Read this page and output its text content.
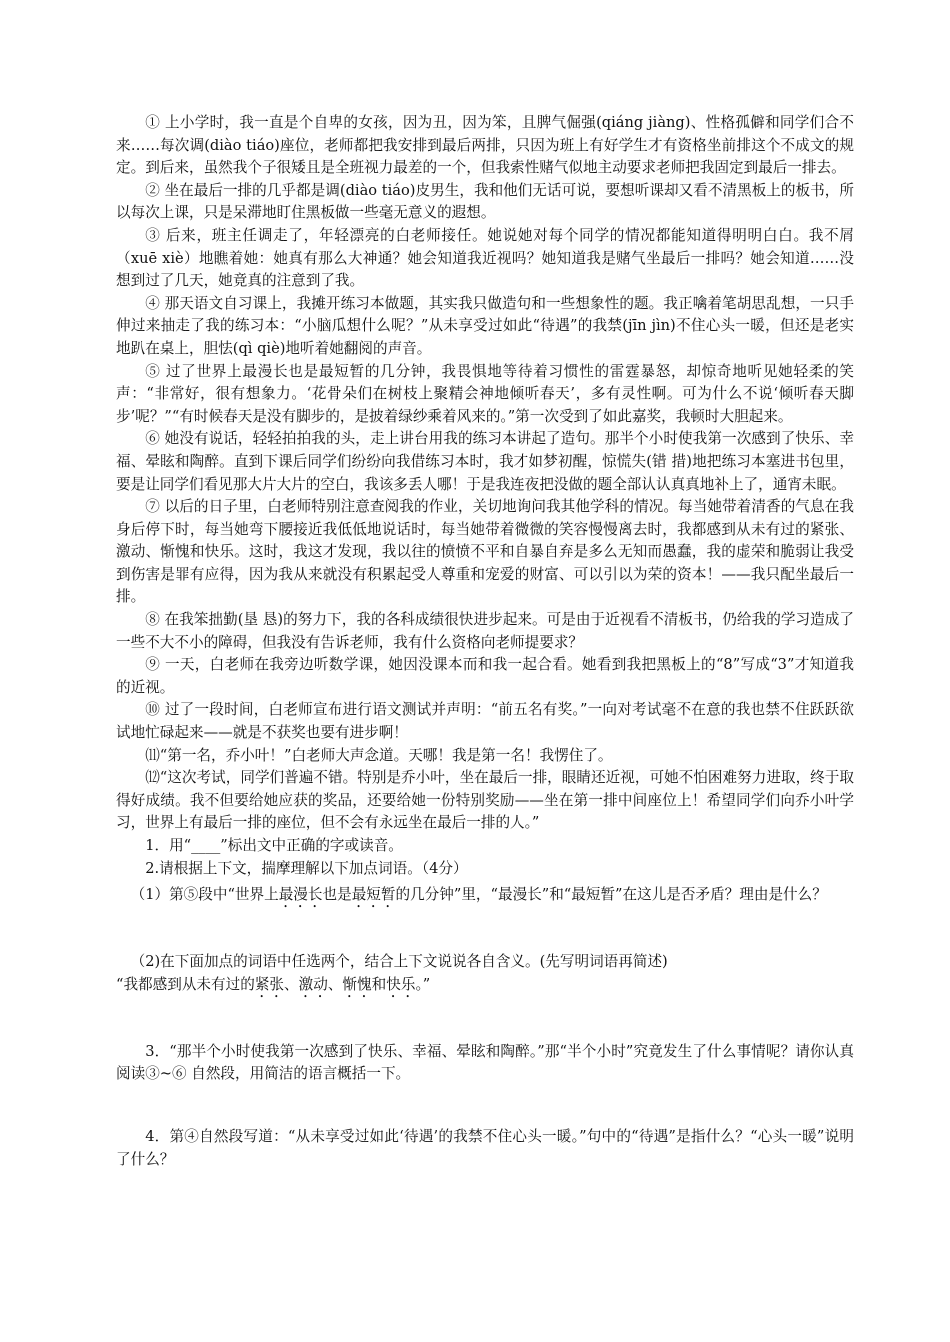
① 上小学时，我一直是个自卑的女孩，因为丑，因为笨，且脾气倔强(qiáng jiàng)、性格孤僻和同学们合不来……每次调(diào tiáo)座位，老师都把我安排到最后两排，只因为班上有好学生才有资格坐前排这个不成文的规定。到后来，虽然我个子很矮且是全班视力最差的一个，但我索性赌气似地主动要求老师把我固定到最后一排去。

② 坐在最后一排的几乎都是调(diào tiáo)皮男生，我和他们无话可说，要想听课却又看不清黑板上的板书，所以每次上课，只是呆滞地盯住黑板做一些毫无意义的遐想。

③ 后来，班主任调走了，年轻漂亮的白老师接任。她说她对每个同学的情况都能知道得明明白白。我不屑（xuē xiè）地瞧着她：她真有那么大神通？她会知道我近视吗？她知道我是赌气坐最后一排吗？她会知道……没想到过了几天，她竟真的注意到了我。

④ 那天语文自习课上，我摊开练习本做题，其实我只做造句和一些想象性的题。我正噙着笔胡思乱想，一只手伸过来抽走了我的练习本：“小脑瓜想什么呢？”从未享受过如此“待遇”的我禁(jīn jìn)不住心头一暖，但还是老实地趴在桌上，胆怯(qì qiè)地听着她翻阅的声音。

⑤ 过了世界上最漫长也是最短暂的几分钟，我畏惧地等待着习惯性的雷霆暴怒，却惊奇地听见她轻柔的笑声：“非常好，很有想象力。‘花骨朵们在树枝上聚精会神地倾听春天’，多有灵性啊。可为什么不说‘倾听春天脚步’呢？”“有时候春天是没有脚步的，是披着绿纱乘着风来的。”第一次受到了如此嘉奖，我顿时大胆起来。

⑥ 她没有说话，轻轻拍拍我的头，走上讲台用我的练习本讲起了造句。那半个小时使我第一次感到了快乐、幸福、晕眩和陶醉。直到下课后同学们纷纷向我借练习本时，我才如梦初醒，惊慌失(错 措)地把练习本塞进书包里，要是让同学们看见那大片大片的空白，我该多丢人哪！于是我连夜把没做的题全部认认真真地补上了，通宵未眠。

⑦ 以后的日子里，白老师特别注意查阅我的作业，关切地询问我其他学科的情况。每当她带着清香的气息在我身后停下时，每当她弯下腰接近我低低地说话时，每当她带着微微的笑容慢慢离去时，我都感到从未有过的紧张、激动、惭愧和快乐。这时，我这才发现，我以往的愤愤不平和自暴自弃是多么无知而愚蠢，我的虚荣和脆弱让我受到伤害是罪有应得，因为我从来就没有积累起受人尊重和宠爱的财富、可以引以为荣的资本！——我只配坐最后一排。

⑧ 在我笨拙勤(垦 恳)的努力下，我的各科成绩很快进步起来。可是由于近视看不清板书，仍给我的学习造成了一些不大不小的障碍，但我没有告诉老师，我有什么资格向老师提要求？

⑨ 一天，白老师在我旁边听数学课，她因没课本而和我一起合看。她看到我把黑板上的“8”写成“3”才知道我的近视。

⑩ 过了一段时间，白老师宣布进行语文测试并声明：“前五名有奖。”一向对考试毫不在意的我也禁不住跃跃欲试地忙碌起来——就是不获奖也要有进步啊！

⑾“第一名，乔小叶！”白老师大声念道。天哪！我是第一名！我愣住了。

⑿“这次考试，同学们普遍不错。特别是乔小叶，坐在最后一排，眼睛还近视，可她不怕困难努力进取，终于取得好成绩。我不但要给她应获的奖品，还要给她一份特别奖励——坐在第一排中间座位上！希望同学们向乔小叶学习，世界上有最后一排的座位，但不会有永远坐在最后一排的人。”

1．用“____”标出文中正确的字或读音。

2.请根据上下文，揣摩理解以下加点词语。（4分）

（1）第⑤段中“世界上最漫长也是最短暂的几分钟”里，“最漫长”和“最短暂”在这儿是否矛盾？理由是什么？

（2)在下面加点的词语中任选两个，结合上下文说说各自含义。(先写明词语再简述)

“我都感到从未有过的紧张、激动、惭愧和快乐。”

3．“那半个小时使我第一次感到了快乐、幸福、晕眩和陶醉。”那“半个小时”究竟发生了什么事情呢？请你认真阅读③~⑥ 自然段，用简洁的语言概括一下。

4．第④自然段写道：“从未享受过如此‘待遇’的我禁不住心头一暖。”句中的“待遇”是指什么？“心头一暖”说明了什么？
